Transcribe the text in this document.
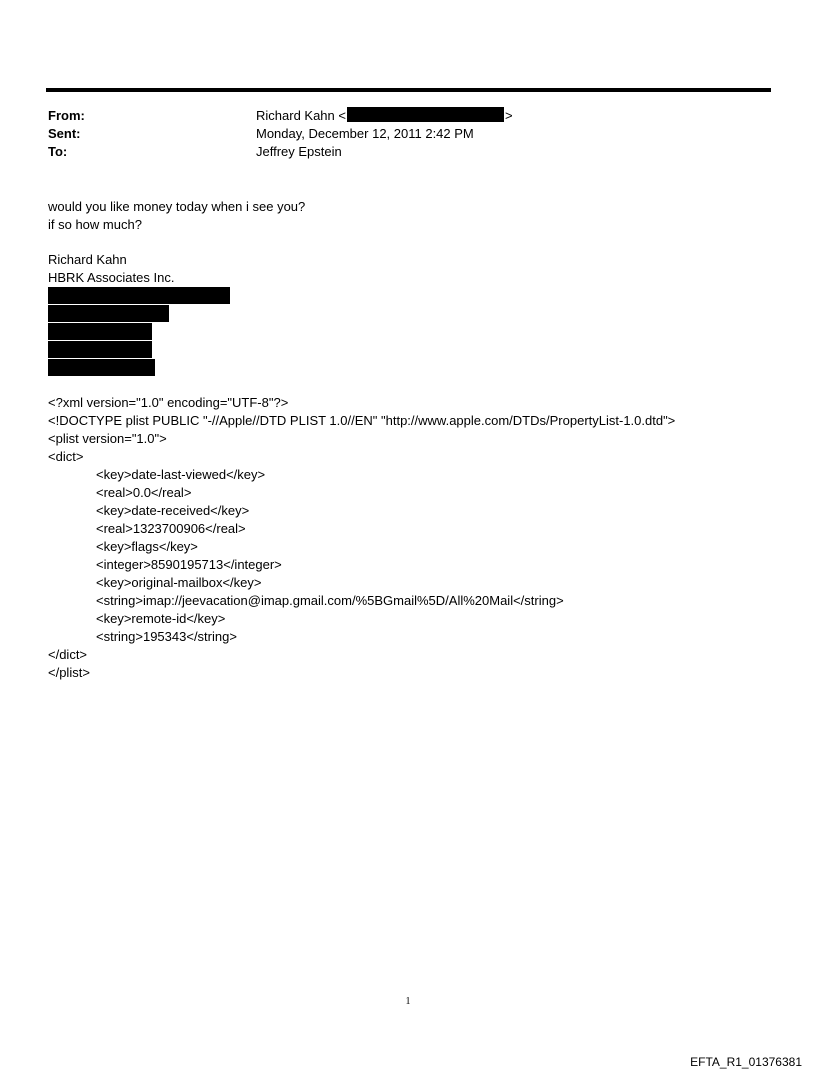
From:	Richard Kahn <	>
Sent:	Monday, December 12, 2011 2:42 PM
To:	Jeffrey Epstein
would you like money today when i see you?
if so how much?
Richard Kahn
HBRK Associates Inc.
<?xml version="1.0" encoding="UTF-8"?>
<!DOCTYPE plist PUBLIC "-//Apple//DTD PLIST 1.0//EN" "http://www.apple.com/DTDs/PropertyList-1.0.dtd">
<plist version="1.0">
<dict>
<key>date-last-viewed</key>
<real>0.0</real>
<key>date-received</key>
<real>1323700906</real>
<key>flags</key>
<integer>8590195713</integer>
<key>original-mailbox</key>
<string>imap://jeevacation@imap.gmail.com/%5BGmail%5D/All%20Mail</string>
<key>remote-id</key>
<string>195343</string>
</dict>
</plist>
1
EFTA_R1_01376381
